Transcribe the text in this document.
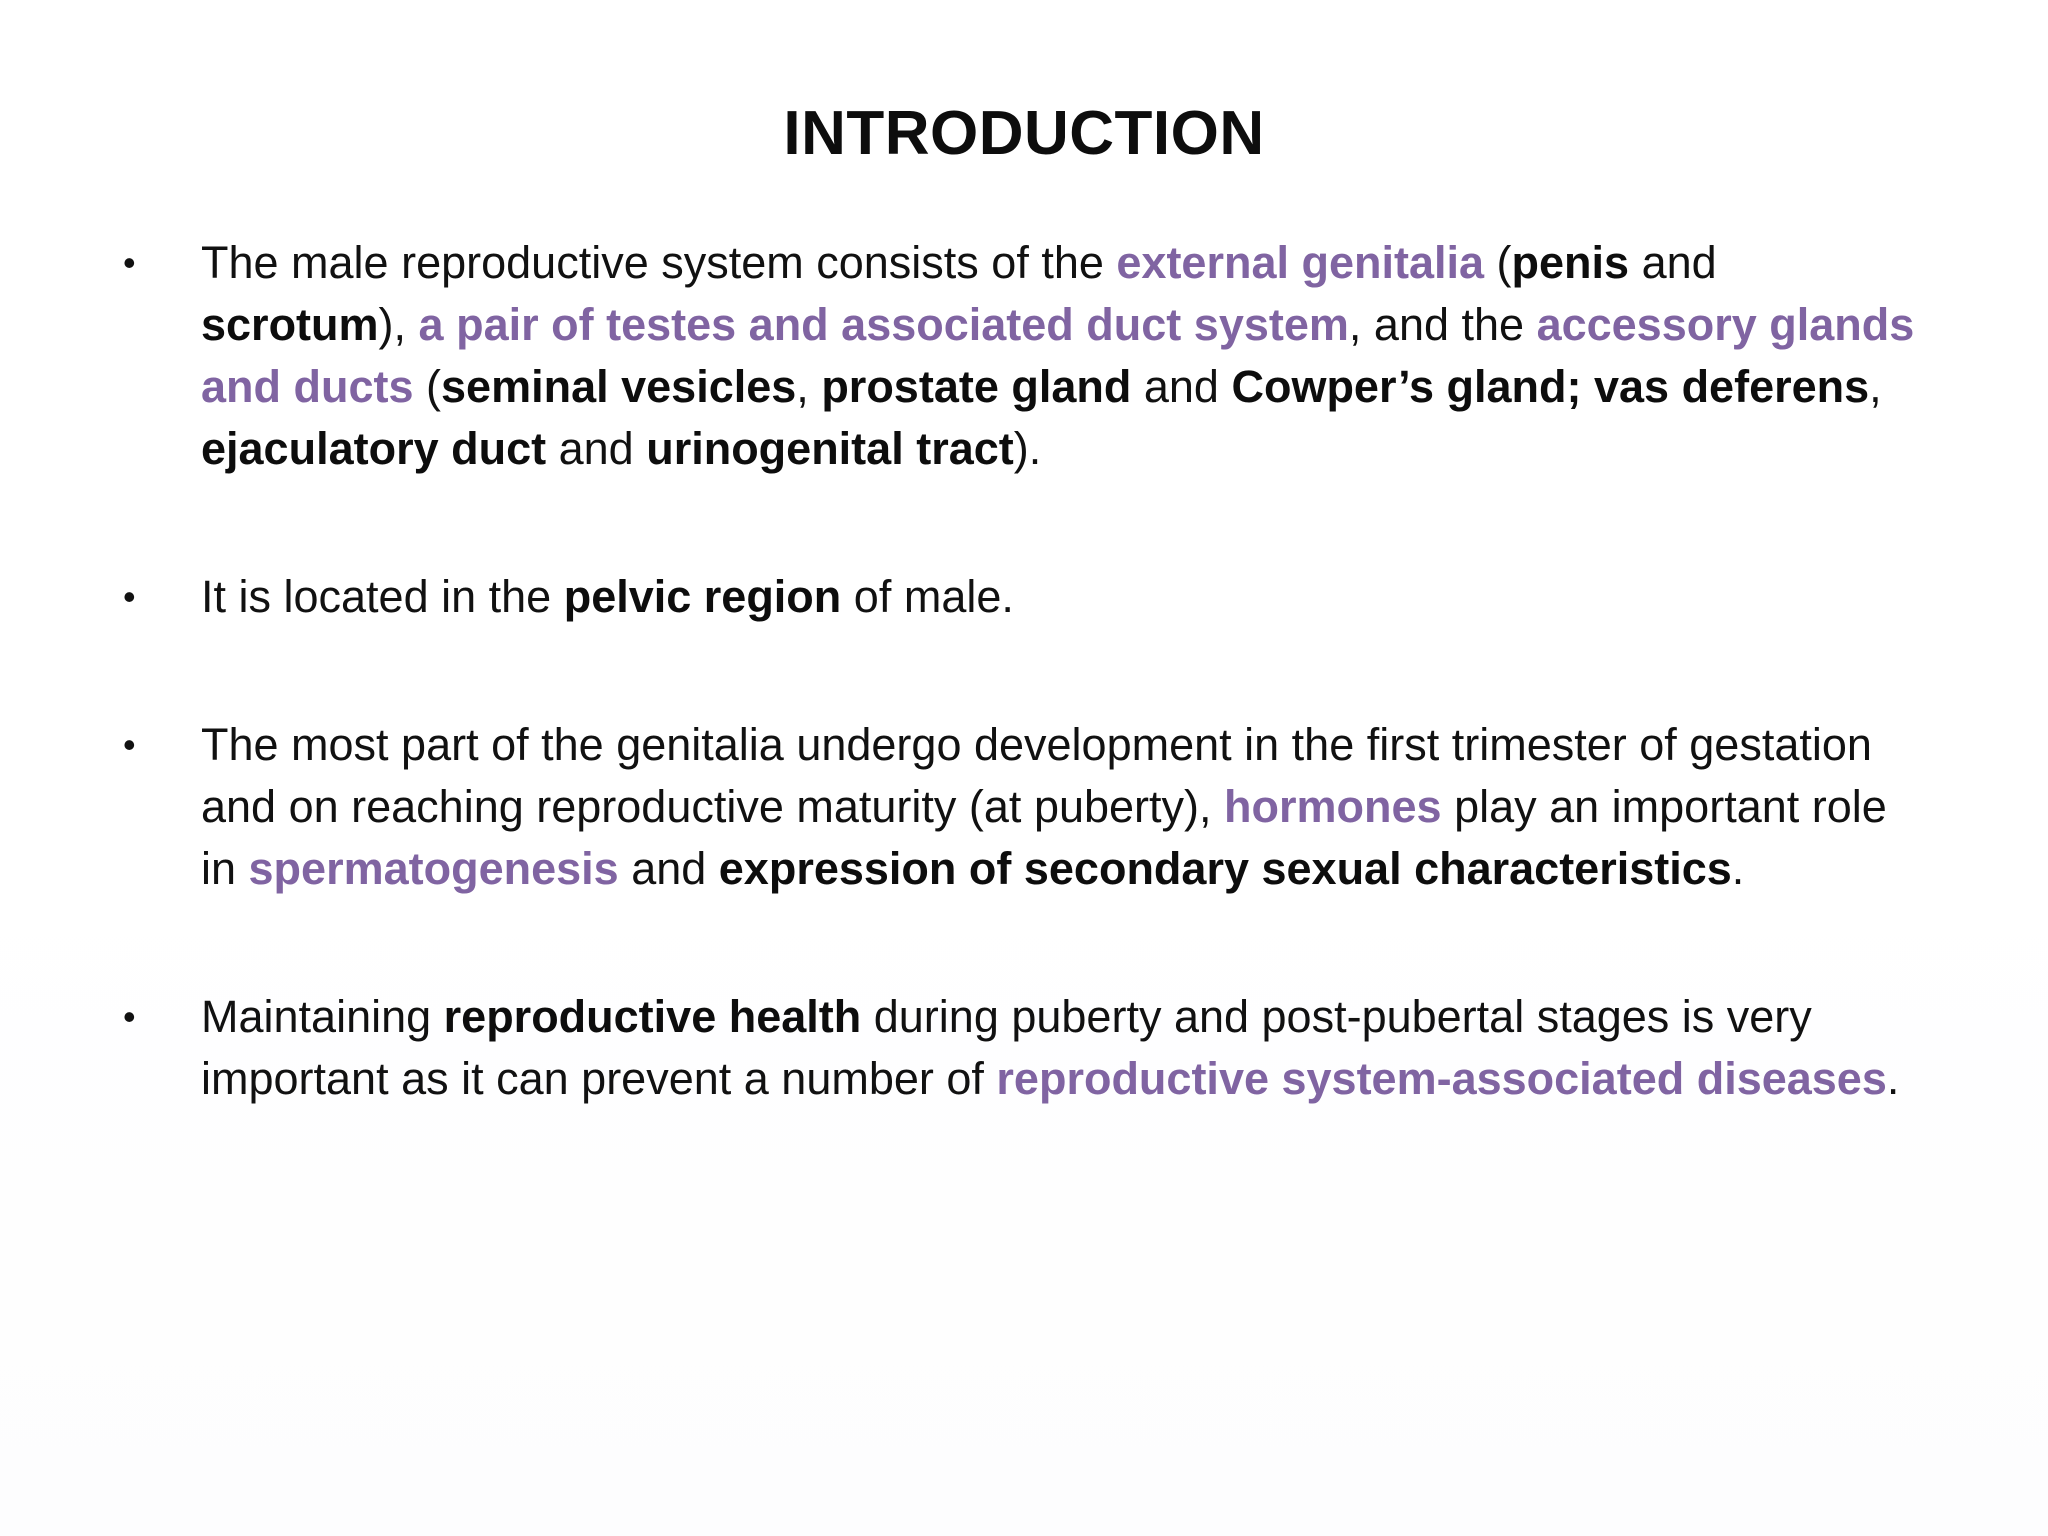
INTRODUCTION
• The male reproductive system consists of the external genitalia (penis and scrotum), a pair of testes and associated duct system, and the accessory glands and ducts (seminal vesicles, prostate gland and Cowper’s gland; vas deferens, ejaculatory duct and urinogenital tract).
• It is located in the pelvic region of male.
• The most part of the genitalia undergo development in the first trimester of gestation and on reaching reproductive maturity (at puberty), hormones play an important role in spermatogenesis and expression of secondary sexual characteristics.
• Maintaining reproductive health during puberty and post-pubertal stages is very important as it can prevent a number of reproductive system-associated diseases.
